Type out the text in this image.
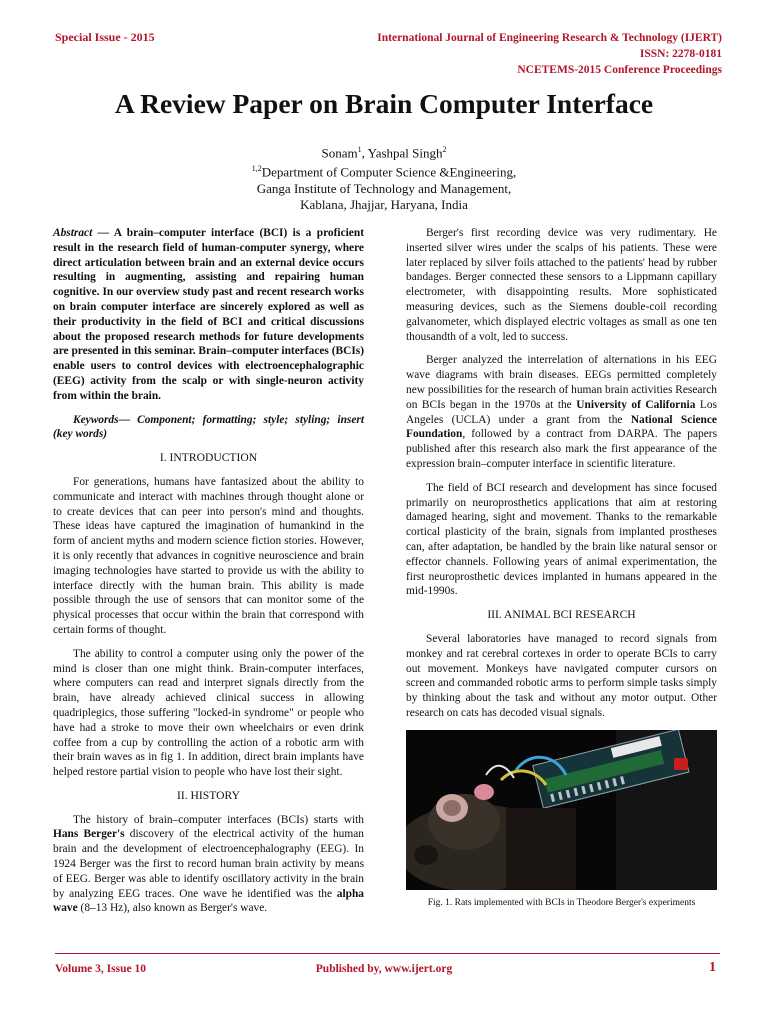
Special Issue - 2015	International Journal of Engineering Research & Technology (IJERT)
ISSN: 2278-0181
NCETEMS-2015 Conference Proceedings
A Review Paper on Brain Computer Interface
Sonam$^1$, Yashpal Singh$^2$
$^{1,2}$Department of Computer Science &Engineering,
Ganga Institute of Technology and Management,
Kablana, Jhajjar, Haryana, India

Abstract — A brain–computer interface (BCI) is a proficient result in the research field of human-computer synergy, where direct articulation between brain and an external device occurs resulting in augmenting, assisting and repairing human cognitive. In our overview study past and recent research works on brain computer interface are sincerely explored as well as their productivity in the field of BCI and critical discussions about the proposed research methods for future developments are presented in this seminar. Brain–computer interfaces (BCIs) enable users to control devices with electroencephalographic (EEG) activity from the scalp or with single-neuron activity from within the brain.

Keywords— Component; formatting; style; styling; insert (key words)

I. INTRODUCTION

For generations, humans have fantasized about the ability to communicate and interact with machines through thought alone or to create devices that can peer into person's mind and thoughts. These ideas have captured the imagination of humankind in the form of ancient myths and modern science fiction stories. However, it is only recently that advances in cognitive neuroscience and brain imaging technologies have started to provide us with the ability to interface directly with the human brain. This ability is made possible through the use of sensors that can monitor some of the physical processes that occur within the brain that correspond with certain forms of thought.

The ability to control a computer using only the power of the mind is closer than one might think. Brain-computer interfaces, where computers can read and interpret signals directly from the brain, have already achieved clinical success in allowing quadriplegics, those suffering "locked-in syndrome" or people who have had a stroke to move their own wheelchairs or even drink coffee from a cup by controlling the action of a robotic arm with their brain waves as in fig 1. In addition, direct brain implants have helped restore partial vision to people who have lost their sight.

II. HISTORY

The history of brain–computer interfaces (BCIs) starts with Hans Berger's discovery of the electrical activity of the human brain and the development of electroencephalography (EEG). In 1924 Berger was the first to record human brain activity by means of EEG. Berger was able to identify oscillatory activity in the brain by analyzing EEG traces. One wave he identified was the alpha wave (8–13 Hz), also known as Berger's wave.

Berger's first recording device was very rudimentary. He inserted silver wires under the scalps of his patients. These were later replaced by silver foils attached to the patients' head by rubber bandages. Berger connected these sensors to a Lippmann capillary electrometer, with disappointing results. More sophisticated measuring devices, such as the Siemens double-coil recording galvanometer, which displayed electric voltages as small as one ten thousandth of a volt, led to success.

Berger analyzed the interrelation of alternations in his EEG wave diagrams with brain diseases. EEGs permitted completely new possibilities for the research of human brain activities Research on BCIs began in the 1970s at the University of California Los Angeles (UCLA) under a grant from the National Science Foundation, followed by a contract from DARPA. The papers published after this research also mark the first appearance of the expression brain–computer interface in scientific literature.

The field of BCI research and development has since focused primarily on neuroprosthetics applications that aim at restoring damaged hearing, sight and movement. Thanks to the remarkable cortical plasticity of the brain, signals from implanted prostheses can, after adaptation, be handled by the brain like natural sensor or effector channels. Following years of animal experimentation, the first neuroprosthetic devices implanted in humans appeared in the mid-1990s.

III. ANIMAL BCI RESEARCH

Several laboratories have managed to record signals from monkey and rat cerebral cortexes in order to operate BCIs to carry out movement. Monkeys have navigated computer cursors on screen and commanded robotic arms to perform simple tasks simply by thinking about the task and without any motor output. Other research on cats has decoded visual signals.

Fig. 1. Rats implemented with BCIs in Theodore Berger's experiments
Volume 3, Issue 10	Published by, www.ijert.org	1
